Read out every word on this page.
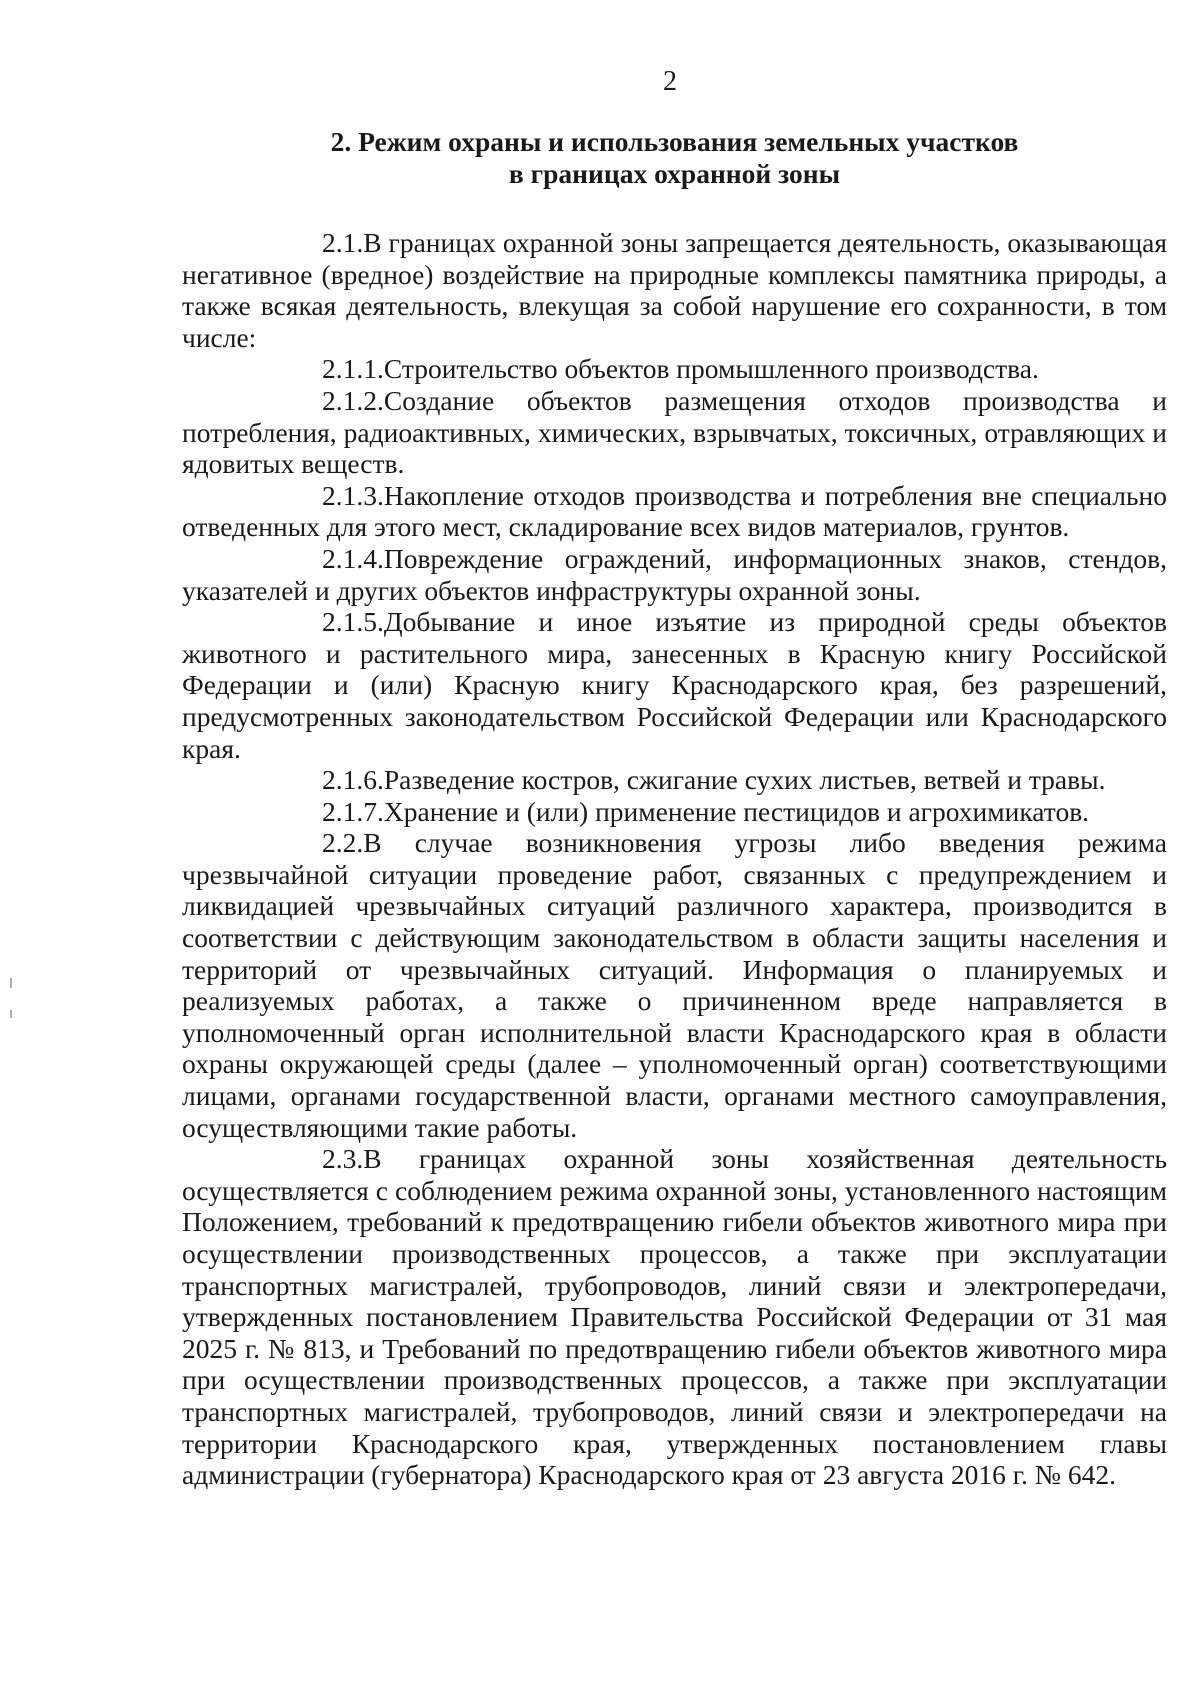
2
2. Режим охраны и использования земельных участков
в границах охранной зоны

2.1.В границах охранной зоны запрещается деятельность, оказывающая негативное (вредное) воздействие на природные комплексы памятника природы, а также всякая деятельность, влекущая за собой нарушение его сохранности, в том числе:

2.1.1.Строительство объектов промышленного производства.

2.1.2.Создание объектов размещения отходов производства и потребления, радиоактивных, химических, взрывчатых, токсичных, отравляющих и ядовитых веществ.

2.1.3.Накопление отходов производства и потребления вне специально отведенных для этого мест, складирование всех видов материалов, грунтов.

2.1.4.Повреждение ограждений, информационных знаков, стендов, указателей и других объектов инфраструктуры охранной зоны.

2.1.5.Добывание и иное изъятие из природной среды объектов животного и растительного мира, занесенных в Красную книгу Российской Федерации и (или) Красную книгу Краснодарского края, без разрешений, предусмотренных законодательством Российской Федерации или Краснодарского края.

2.1.6.Разведение костров, сжигание сухих листьев, ветвей и травы.

2.1.7.Хранение и (или) применение пестицидов и агрохимикатов.

2.2.В случае возникновения угрозы либо введения режима чрезвычайной ситуации проведение работ, связанных с предупреждением и ликвидацией чрезвычайных ситуаций различного характера, производится в соответствии с действующим законодательством в области защиты населения и территорий от чрезвычайных ситуаций. Информация о планируемых и реализуемых работах, а также о причиненном вреде направляется в уполномоченный орган исполнительной власти Краснодарского края в области охраны окружающей среды (далее – уполномоченный орган) соответствующими лицами, органами государственной власти, органами местного самоуправления, осуществляющими такие работы.

2.3.В границах охранной зоны хозяйственная деятельность осуществляется с соблюдением режима охранной зоны, установленного настоящим Положением, требований к предотвращению гибели объектов животного мира при осуществлении производственных процессов, а также при эксплуатации транспортных магистралей, трубопроводов, линий связи и электропередачи, утвержденных постановлением Правительства Российской Федерации от 31 мая 2025 г. № 813, и Требований по предотвращению гибели объектов животного мира при осуществлении производственных процессов, а также при эксплуатации транспортных магистралей, трубопроводов, линий связи и электропередачи на территории Краснодарского края, утвержденных постановлением главы администрации (губернатора) Краснодарского края от 23 августа 2016 г. № 642.
